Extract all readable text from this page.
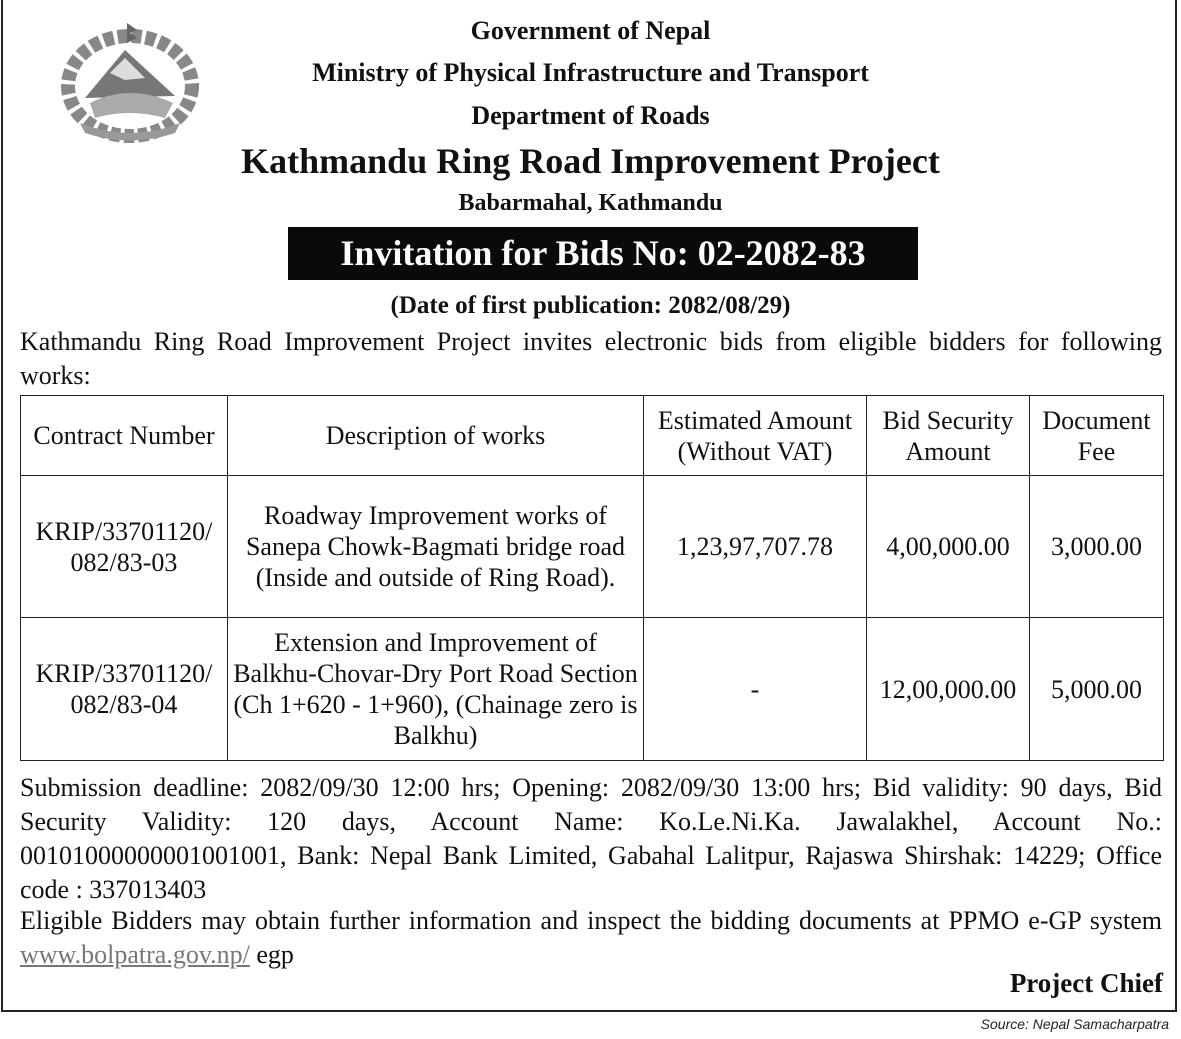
Government of Nepal
Ministry of Physical Infrastructure and Transport
Department of Roads
Kathmandu Ring Road Improvement Project
Babarmahal, Kathmandu
Invitation for Bids No: 02-2082-83
(Date of first publication: 2082/08/29)
Kathmandu Ring Road Improvement Project invites electronic bids from eligible bidders for following works:
Contract Number	Description of works	Estimated Amount (Without VAT)	Bid Security Amount	Document Fee
KRIP/33701120/ 082/83-03	Roadway Improvement works of Sanepa Chowk-Bagmati bridge road (Inside and outside of Ring Road).	1,23,97,707.78	4,00,000.00	3,000.00
KRIP/33701120/ 082/83-04	Extension and Improvement of Balkhu-Chovar-Dry Port Road Section (Ch 1+620 - 1+960), (Chainage zero is Balkhu)	-	12,00,000.00	5,000.00
Submission deadline: 2082/09/30 12:00 hrs; Opening: 2082/09/30 13:00 hrs; Bid validity: 90 days, Bid Security Validity: 120 days, Account Name: Ko.Le.Ni.Ka. Jawalakhel, Account No.: 00101000000001001001, Bank: Nepal Bank Limited, Gabahal Lalitpur, Rajaswa Shirshak: 14229; Office code : 337013403
Eligible Bidders may obtain further information and inspect the bidding documents at PPMO e-GP system www.bolpatra.gov.np/ egp
Project Chief
Source: Nepal Samacharpatra
